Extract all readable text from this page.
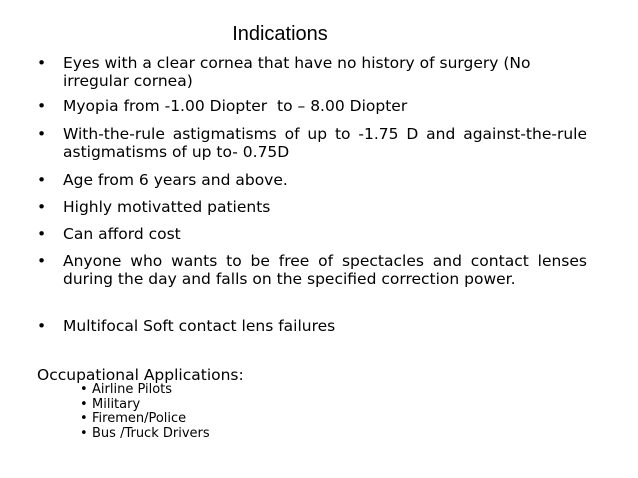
Indications
• Eyes with a clear cornea that have no history of surgery (No irregular cornea)
• Myopia from -1.00 Diopter  to – 8.00 Diopter
• With-the-rule astigmatisms of up to -1.75 D and against-the-rule astigmatisms of up to- 0.75D
• Age from 6 years and above.
• Highly motivatted patients
• Can afford cost
• Anyone who wants to be free of spectacles and contact lenses during the day and falls on the specified correction power.
• Multifocal Soft contact lens failures
Occupational Applications:
• Airline Pilots
• Military
• Firemen/Police
• Bus /Truck Drivers
